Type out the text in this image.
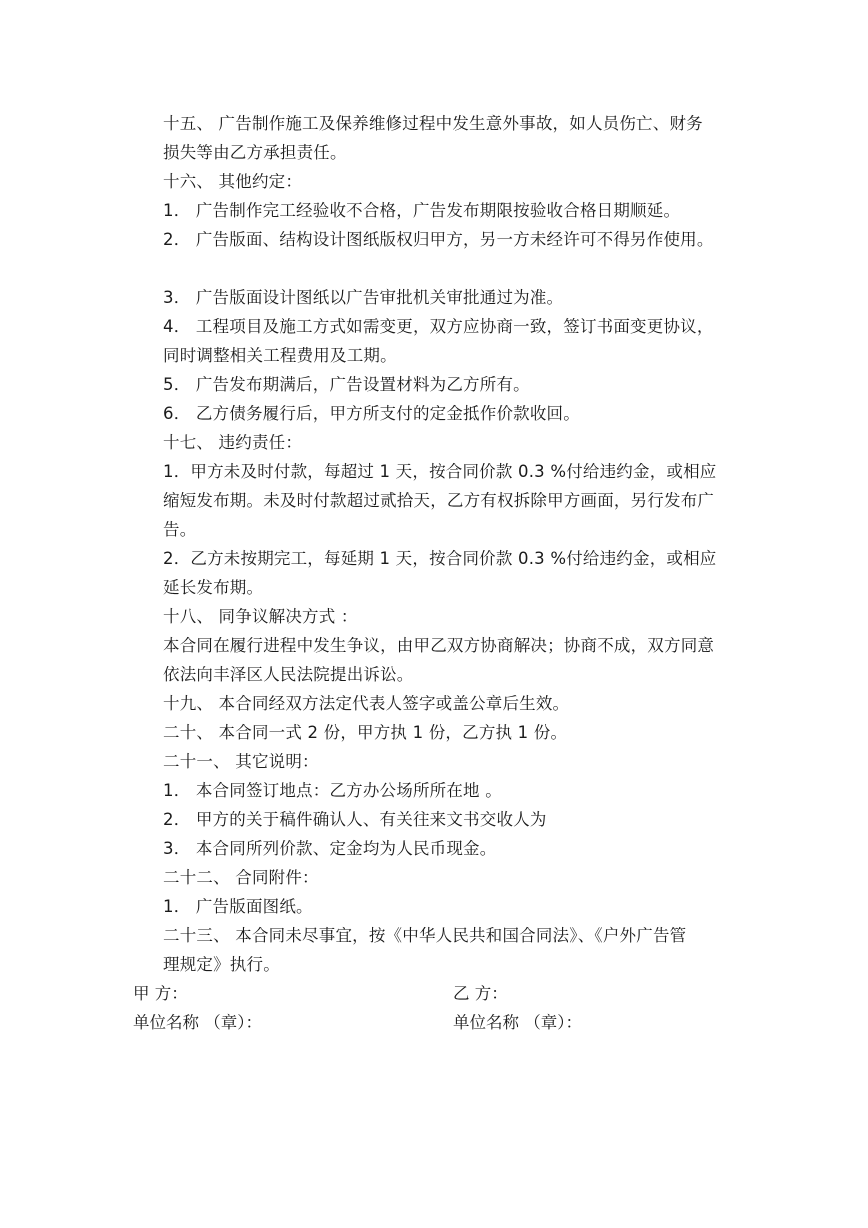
十五、 广告制作施工及保养维修过程中发生意外事故，如人员伤亡、财务
损失等由乙方承担责任。
十六、 其他约定：
1． 广告制作完工经验收不合格，广告发布期限按验收合格日期顺延。
2． 广告版面、结构设计图纸版权归甲方，另一方未经许可不得另作使用。
3． 广告版面设计图纸以广告审批机关审批通过为准。
4． 工程项目及施工方式如需变更，双方应协商一致，签订书面变更协议，
同时调整相关工程费用及工期。
5． 广告发布期满后，广告设置材料为乙方所有。
6． 乙方债务履行后，甲方所支付的定金抵作价款收回。
十七、 违约责任：
1．甲方未及时付款，每超过 1 天，按合同价款 0.3 %付给违约金，或相应
缩短发布期。未及时付款超过贰拾天，乙方有权拆除甲方画面，另行发布广
告。
2．乙方未按期完工，每延期 1 天，按合同价款 0.3 %付给违约金，或相应
延长发布期。
十八、 同争议解决方式 ：
本合同在履行进程中发生争议，由甲乙双方协商解决；协商不成，双方同意
依法向丰泽区人民法院提出诉讼。
十九、 本合同经双方法定代表人签字或盖公章后生效。
二十、 本合同一式 2 份，甲方执 1 份，乙方执 1 份。
二十一、 其它说明：
1． 本合同签订地点：乙方办公场所所在地 。
2． 甲方的关于稿件确认人、有关往来文书交收人为
3． 本合同所列价款、定金均为人民币现金。
二十二、 合同附件：
1． 广告版面图纸。
二十三、 本合同未尽事宜，按《中华人民共和国合同法》、《户外广告管
理规定》执行。
甲 方：	乙 方：
单位名称 （章）：	单位名称 （章）：
